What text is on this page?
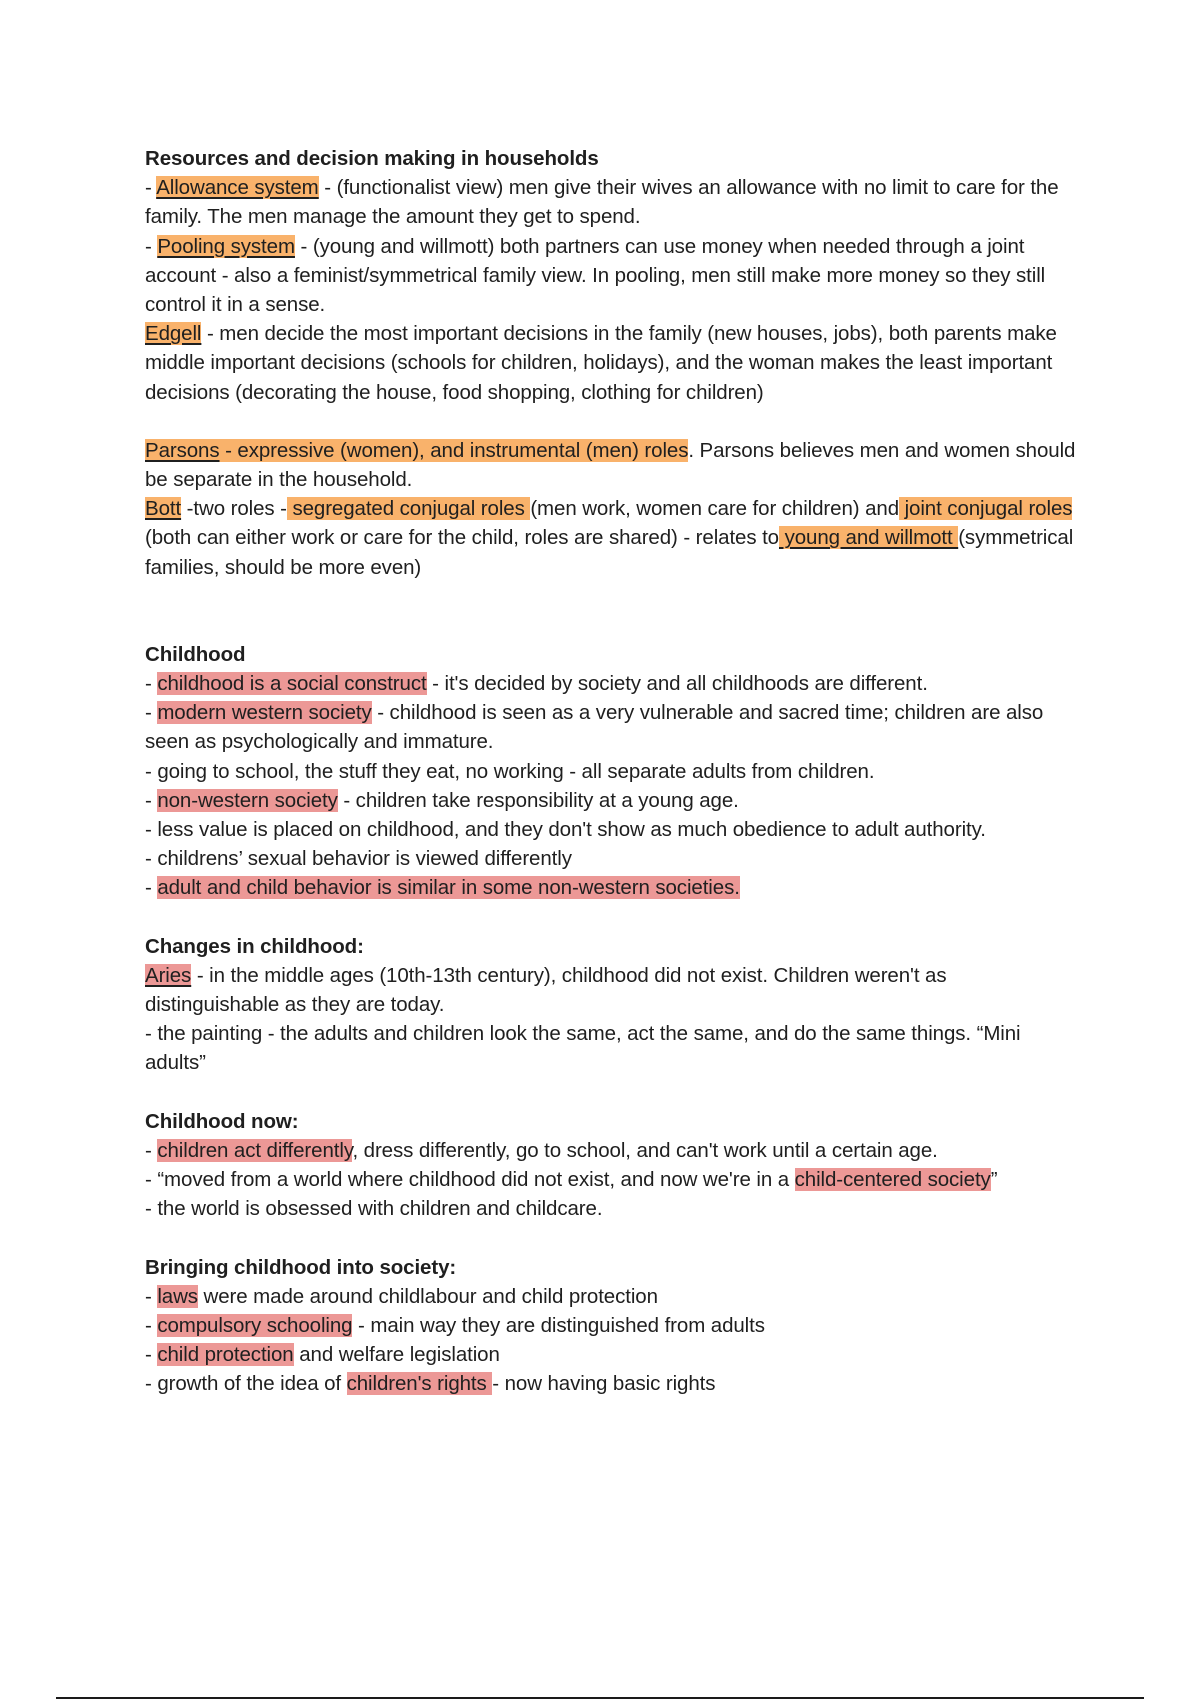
Resources and decision making in households

- Allowance system - (functionalist view) men give their wives an allowance with no limit to care for the family. The men manage the amount they get to spend.

- Pooling system - (young and willmott) both partners can use money when needed through a joint account - also a feminist/symmetrical family view. In pooling, men still make more money so they still control it in a sense.

Edgell - men decide the most important decisions in the family (new houses, jobs), both parents make middle important decisions (schools for children, holidays), and the woman makes the least important decisions (decorating the house, food shopping, clothing for children)

Parsons - expressive (women), and instrumental (men) roles. Parsons believes men and women should be separate in the household.

Bott -two roles - segregated conjugal roles (men work, women care for children) and joint conjugal roles (both can either work or care for the child, roles are shared) - relates to young and willmott (symmetrical families, should be more even)

Childhood

- childhood is a social construct - it's decided by society and all childhoods are different.

- modern western society - childhood is seen as a very vulnerable and sacred time; children are also seen as psychologically and immature.

- going to school, the stuff they eat, no working - all separate adults from children.

- non-western society - children take responsibility at a young age.

- less value is placed on childhood, and they don't show as much obedience to adult authority.

- childrens’ sexual behavior is viewed differently

- adult and child behavior is similar in some non-western societies.

Changes in childhood:

Aries - in the middle ages (10th-13th century), childhood did not exist. Children weren't as distinguishable as they are today.

- the painting - the adults and children look the same, act the same, and do the same things. “Mini adults”

Childhood now:

- children act differently, dress differently, go to school, and can't work until a certain age.

- “moved from a world where childhood did not exist, and now we're in a child-centered society”

- the world is obsessed with children and childcare.

Bringing childhood into society:

- laws were made around childlabour and child protection

- compulsory schooling - main way they are distinguished from adults

- child protection and welfare legislation

- growth of the idea of children's rights - now having basic rights
